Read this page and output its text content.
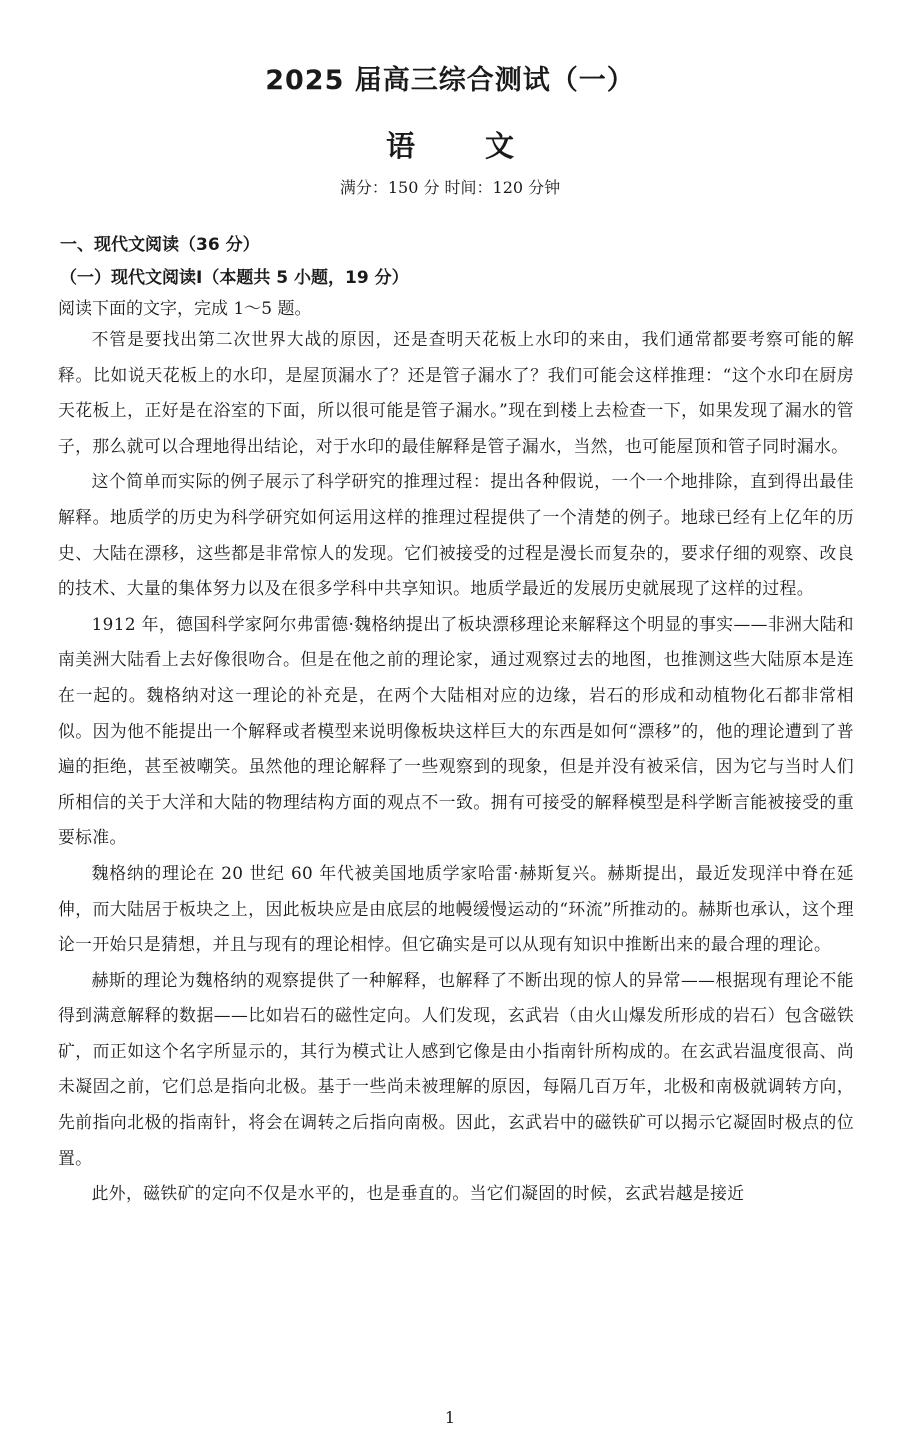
2025 届高三综合测试（一）
语 文
满分：150 分 时间：120 分钟
一、现代文阅读（36 分）
（一）现代文阅读Ⅰ（本题共 5 小题，19 分）
阅读下面的文字，完成 1～5 题。

不管是要找出第二次世界大战的原因，还是查明天花板上水印的来由，我们通常都要考察可能的解释。比如说天花板上的水印，是屋顶漏水了？还是管子漏水了？我们可能会这样推理：“这个水印在厨房天花板上，正好是在浴室的下面，所以很可能是管子漏水。”现在到楼上去检查一下，如果发现了漏水的管子，那么就可以合理地得出结论，对于水印的最佳解释是管子漏水，当然，也可能屋顶和管子同时漏水。

这个简单而实际的例子展示了科学研究的推理过程：提出各种假说，一个一个地排除，直到得出最佳解释。地质学的历史为科学研究如何运用这样的推理过程提供了一个清楚的例子。地球已经有上亿年的历史、大陆在漂移，这些都是非常惊人的发现。它们被接受的过程是漫长而复杂的，要求仔细的观察、改良的技术、大量的集体努力以及在很多学科中共享知识。地质学最近的发展历史就展现了这样的过程。

1912 年，德国科学家阿尔弗雷德·魏格纳提出了板块漂移理论来解释这个明显的事实——非洲大陆和南美洲大陆看上去好像很吻合。但是在他之前的理论家，通过观察过去的地图，也推测这些大陆原本是连在一起的。魏格纳对这一理论的补充是，在两个大陆相对应的边缘，岩石的形成和动植物化石都非常相似。因为他不能提出一个解释或者模型来说明像板块这样巨大的东西是如何“漂移”的，他的理论遭到了普遍的拒绝，甚至被嘲笑。虽然他的理论解释了一些观察到的现象，但是并没有被采信，因为它与当时人们所相信的关于大洋和大陆的物理结构方面的观点不一致。拥有可接受的解释模型是科学断言能被接受的重要标准。

魏格纳的理论在 20 世纪 60 年代被美国地质学家哈雷·赫斯复兴。赫斯提出，最近发现洋中脊在延伸，而大陆居于板块之上，因此板块应是由底层的地幔缓慢运动的“环流”所推动的。赫斯也承认，这个理论一开始只是猜想，并且与现有的理论相悖。但它确实是可以从现有知识中推断出来的最合理的理论。

赫斯的理论为魏格纳的观察提供了一种解释，也解释了不断出现的惊人的异常——根据现有理论不能得到满意解释的数据——比如岩石的磁性定向。人们发现，玄武岩（由火山爆发所形成的岩石）包含磁铁矿，而正如这个名字所显示的，其行为模式让人感到它像是由小指南针所构成的。在玄武岩温度很高、尚未凝固之前，它们总是指向北极。基于一些尚未被理解的原因，每隔几百万年，北极和南极就调转方向，先前指向北极的指南针，将会在调转之后指向南极。因此，玄武岩中的磁铁矿可以揭示它凝固时极点的位置。

此外，磁铁矿的定向不仅是水平的，也是垂直的。当它们凝固的时候，玄武岩越是接近

1
